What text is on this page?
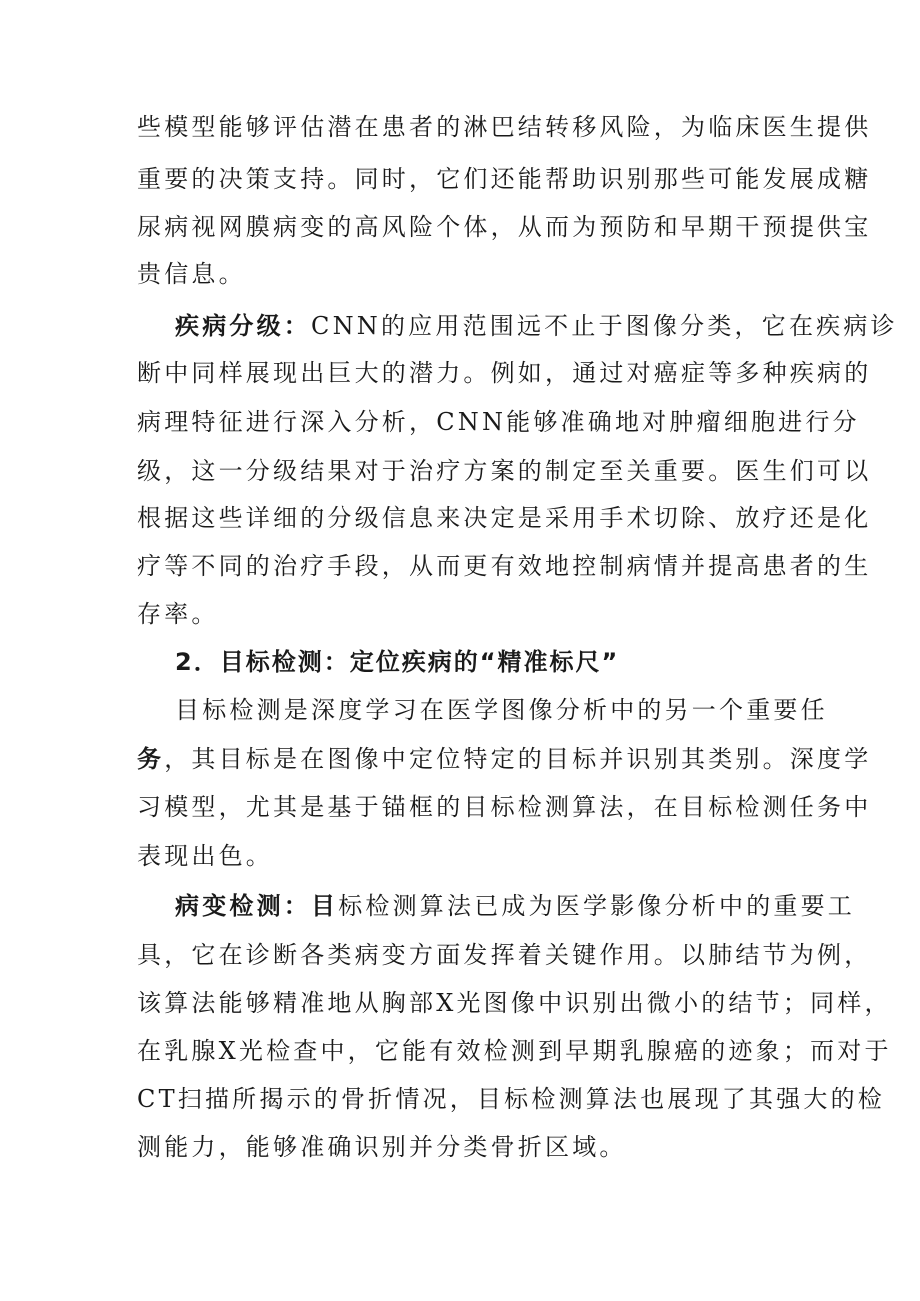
些模型能够评估潜在患者的淋巴结转移风险，为临床医生提供
重要的决策支持。同时，它们还能帮助识别那些可能发展成糖
尿病视网膜病变的高风险个体，从而为预防和早期干预提供宝
贵信息。
疾病分级：CNN的应用范围远不止于图像分类，它在疾病诊
断中同样展现出巨大的潜力。例如，通过对癌症等多种疾病的
病理特征进行深入分析，CNN能够准确地对肿瘤细胞进行分
级，这一分级结果对于治疗方案的制定至关重要。医生们可以
根据这些详细的分级信息来决定是采用手术切除、放疗还是化
疗等不同的治疗手段，从而更有效地控制病情并提高患者的生
存率。
2．目标检测：定位疾病的“精准标尺”
目标检测是深度学习在医学图像分析中的另一个重要任
务，其目标是在图像中定位特定的目标并识别其类别。深度学
习模型，尤其是基于锚框的目标检测算法，在目标检测任务中
表现出色。
病变检测：目标检测算法已成为医学影像分析中的重要工
具，它在诊断各类病变方面发挥着关键作用。以肺结节为例，
该算法能够精准地从胸部X光图像中识别出微小的结节；同样，
在乳腺X光检查中，它能有效检测到早期乳腺癌的迹象；而对于
CT扫描所揭示的骨折情况，目标检测算法也展现了其强大的检
测能力，能够准确识别并分类骨折区域。
